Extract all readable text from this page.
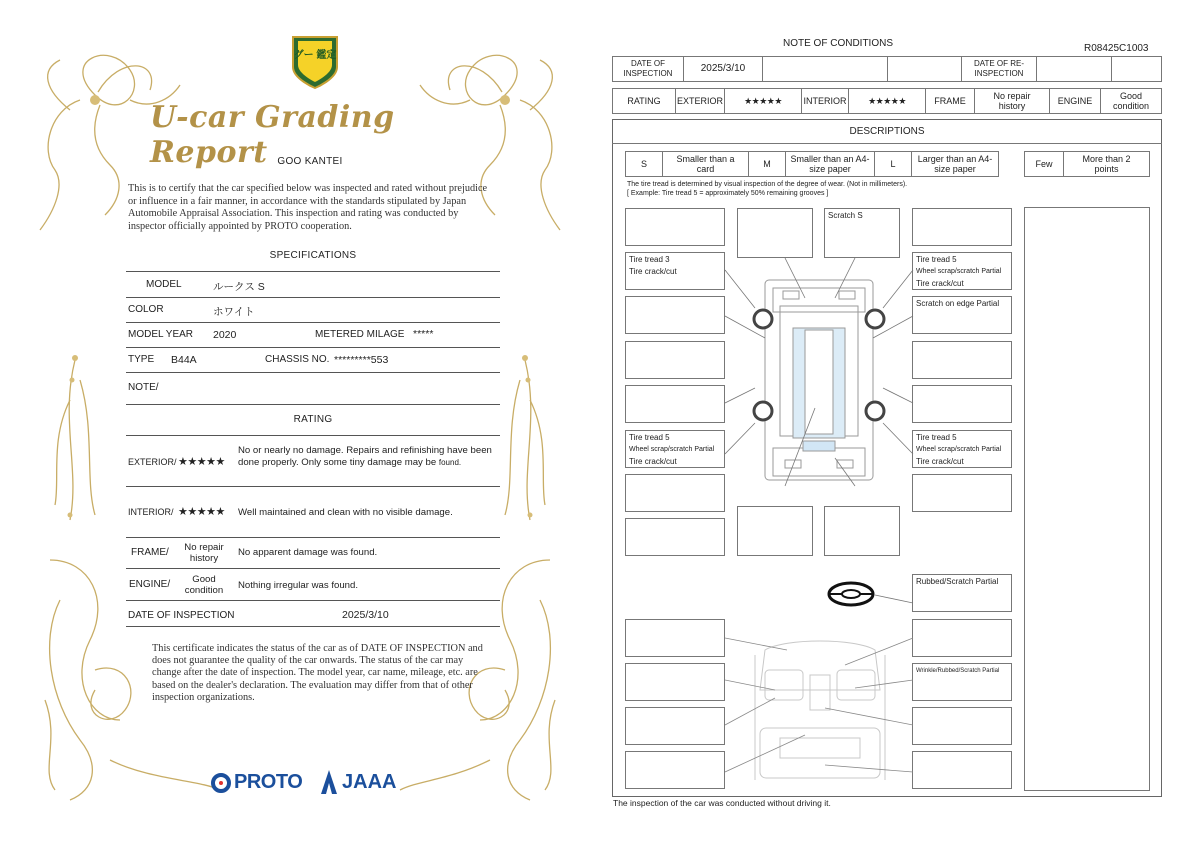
グー 鑑定
U-car Grading Report GOO KANTEI
This is to certify that the car specified below was inspected and rated without prejudice or influence in a fair manner, in accordance with the standards stipulated by Japan Automobile Appraisal Association. This inspection and rating was conducted by inspector officially appointed by PROTO cooperation.
SPECIFICATIONS
MODEL	ルークス S
COLOR	ホワイト
MODEL YEAR 2020	METERED MILAGE *****
TYPE B44A	CHASSIS NO. *********553
NOTE/
RATING
EXTERIOR/ ★★★★★
No or nearly no damage. Repairs and refinishing have been done properly. Only some tiny damage may be found.
INTERIOR/ ★★★★★ Well maintained and clean with no visible damage.
FRAME/	No repair history
No apparent damage was found.
ENGINE/	Good condition	Nothing irregular was found.
DATE OF INSPECTION	2025/3/10
This certificate indicates the status of the car as of DATE OF INSPECTION and does not guarantee the quality of the car onwards. The status of the car may change after the date of inspection. The model year, car name, mileage, etc. are based on the dealer's declaration. The evaluation may differ from that of other inspection organizations.
PROTO JAAA
NOTE OF CONDITIONS	R08425C1003
DATE OF INSPECTION	2025/3/10	DATE OF RE-INSPECTION
RATING	EXTERIOR	★★★★★	INTERIOR	★★★★★	FRAME	No repair history	ENGINE	Good condition
DESCRIPTIONS
S	Smaller than a card	M	Smaller than an A4-size paper	L	Larger than an A4-size paper	Few	More than 2 points
The tire tread is determined by visual inspection of the degree of wear. (Not in millimeters).
[ Example: Tire tread 5 = approximately 50% remaining grooves ]
Tire tread 3
Tire crack/cut
Tire tread 5
Wheel scrap/scratch Partial
Tire crack/cut
Scratch S
Tire tread 5
Wheel scrap/scratch Partial
Tire crack/cut
Scratch on edge Partial
Tire tread 5
Wheel scrap/scratch Partial
Tire crack/cut
Rubbed/Scratch Partial
Wrinkle/Rubbed/Scratch Partial
The inspection of the car was conducted without driving it.
